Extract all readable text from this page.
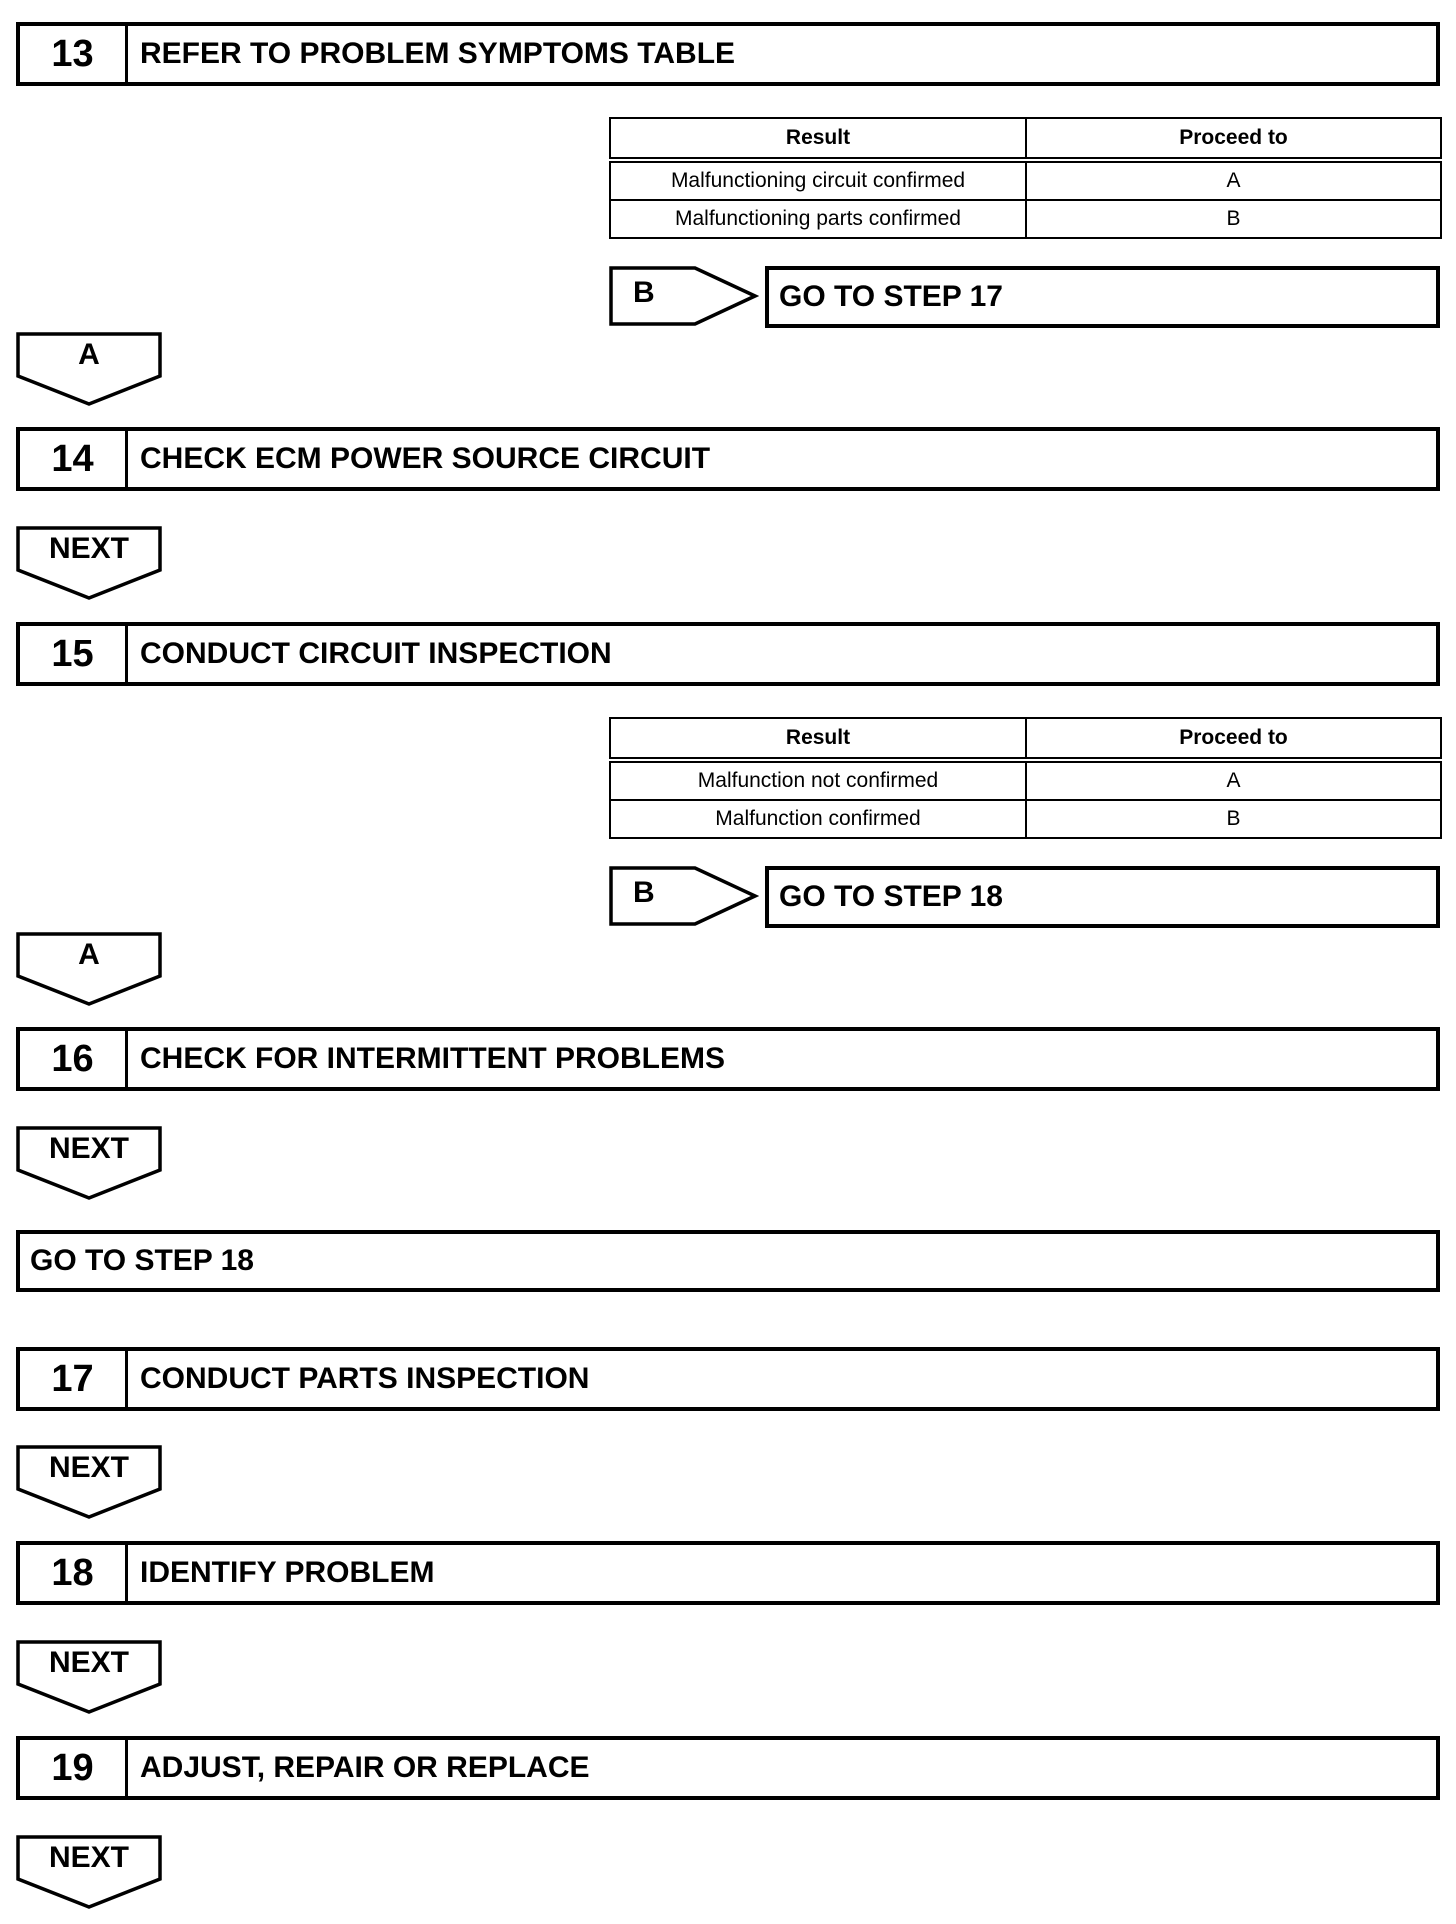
13	REFER TO PROBLEM SYMPTOMS TABLE
Result	Proceed to
Malfunctioning circuit confirmed	A
Malfunctioning parts confirmed	B
B	GO TO STEP 17
A
14	CHECK ECM POWER SOURCE CIRCUIT
NEXT
15	CONDUCT CIRCUIT INSPECTION
Result	Proceed to
Malfunction not confirmed	A
Malfunction confirmed	B
B	GO TO STEP 18
A
16	CHECK FOR INTERMITTENT PROBLEMS
NEXT
GO TO STEP 18
17	CONDUCT PARTS INSPECTION
NEXT
18	IDENTIFY PROBLEM
NEXT
19	ADJUST, REPAIR OR REPLACE
NEXT
